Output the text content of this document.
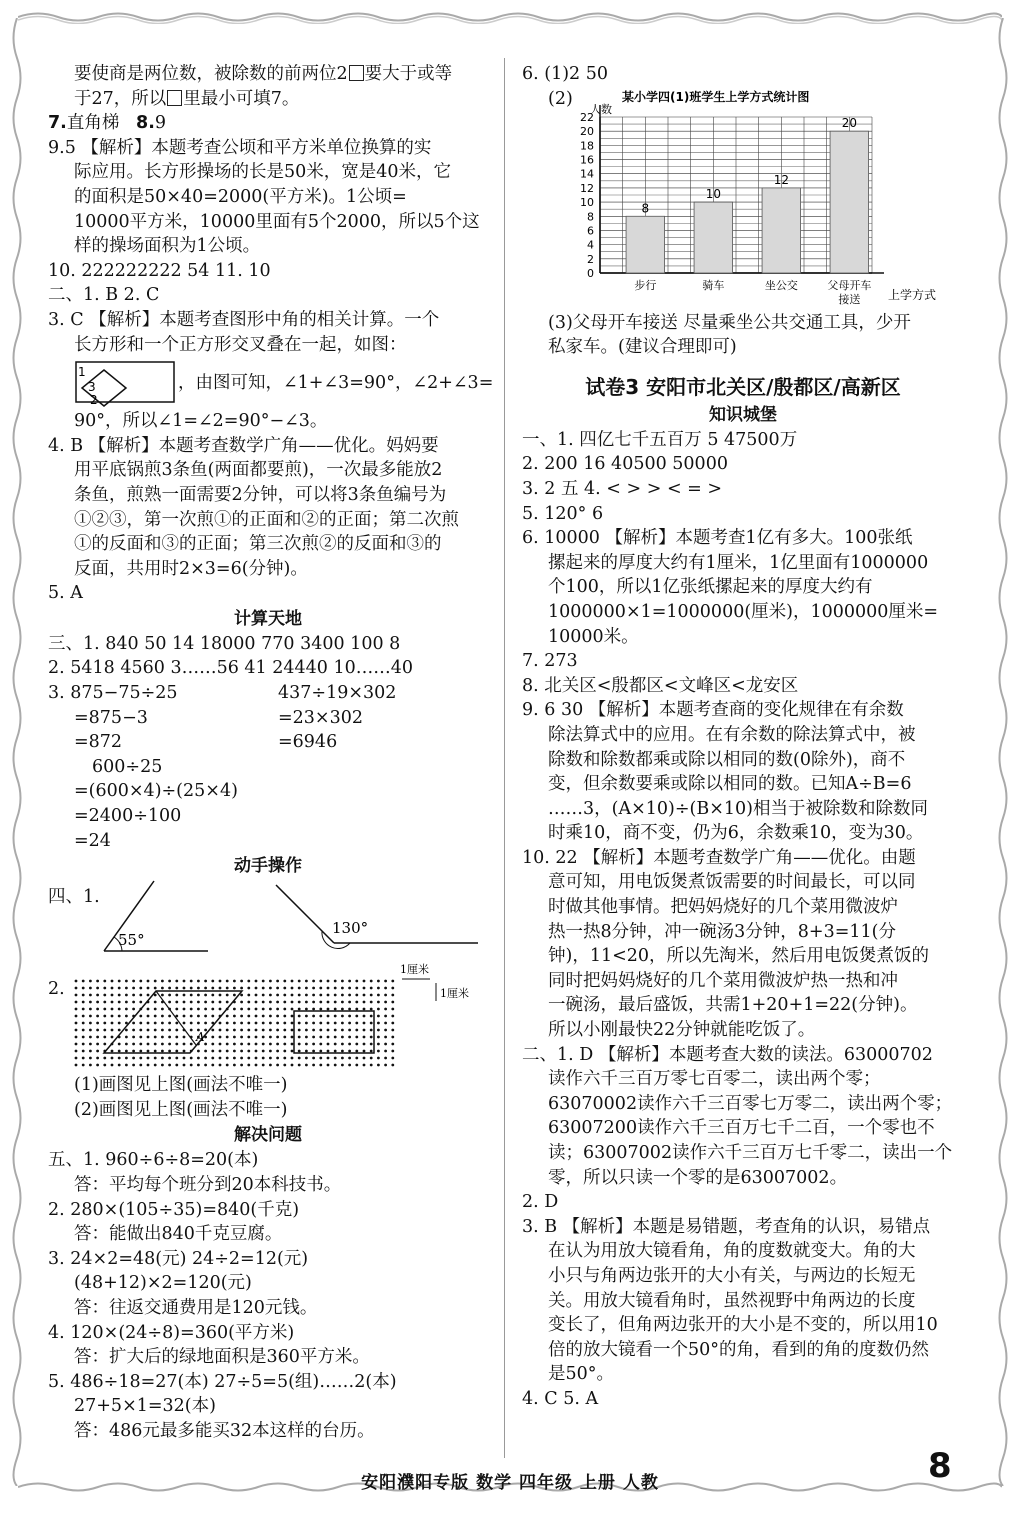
要使商是两位数，被除数的前两位2 要大于或等
于27，所以 里最小可填7。
7.直角梯 8.9
9.5 【解析】本题考查公顷和平方米单位换算的实
际应用。长方形操场的长是50米，宽是40米，它
的面积是50×40=2000(平方米)。1公顷=
10000平方米，10000里面有5个2000，所以5个这
样的操场面积为1公顷。
10. 222222222 54 11. 10
二、1. B 2. C
3. C 【解析】本题考查图形中角的相关计算。一个
长方形和一个正方形交叉叠在一起，如图：
1
3
2
，由图可知，∠1+∠3=90°，∠2+∠3=
90°，所以∠1=∠2=90°−∠3。
4. B 【解析】本题考查数学广角——优化。妈妈要
用平底锅煎3条鱼(两面都要煎)，一次最多能放2
条鱼，煎熟一面需要2分钟，可以将3条鱼编号为
①②③，第一次煎①的正面和②的正面；第二次煎
①的反面和③的正面；第三次煎②的反面和③的
反面，共用时2×3=6(分钟)。
5. A
计算天地
三、1. 840 50 14 18000 770 3400 100 8
2. 5418 4560 3……56 41 24440 10……40
3. 875−75÷25
=875−3
=872
437÷19×302
=23×302
=6946
600÷25
=(600×4)÷(25×4)
=2400÷100
=24
动手操作
四、1.
55°
130°
2.
1厘米
1厘米
A
(1)画图见上图(画法不唯一)
(2)画图见上图(画法不唯一)
解决问题
五、1. 960÷6÷8=20(本)
答：平均每个班分到20本科技书。
2. 280×(105÷35)=840(千克)
答：能做出840千克豆腐。
3. 24×2=48(元) 24÷2=12(元)
(48+12)×2=120(元)
答：往返交通费用是120元钱。
4. 120×(24÷8)=360(平方米)
答：扩大后的绿地面积是360平方米。
5. 486÷18=27(本) 27÷5=5(组)……2(本)
27+5×1=32(本)
答：486元最多能买32本这样的台历。
6. (1)2 50
(2)	某小学四(1)班学生上学方式统计图
人数
上学方式
0
2
4
6
8
10
12
14
16
18
20
22
8
步行
10
骑车
12
坐公交
20
父母开车
接送
(3)父母开车接送 尽量乘坐公共交通工具，少开
私家车。(建议合理即可)
试卷3 安阳市北关区/殷都区/高新区
知识城堡
一、1. 四亿七千五百万 5 47500万
2. 200 16 40500 50000
3. 2 五 4. < > > < = >
5. 120° 6
6. 10000 【解析】本题考查1亿有多大。100张纸
摞起来的厚度大约有1厘米，1亿里面有1000000
个100，所以1亿张纸摞起来的厚度大约有
1000000×1=1000000(厘米)，1000000厘米=
10000米。
7. 273
8. 北关区<殷都区<文峰区<龙安区
9. 6 30 【解析】本题考查商的变化规律在有余数
除法算式中的应用。在有余数的除法算式中，被
除数和除数都乘或除以相同的数(0除外)，商不
变，但余数要乘或除以相同的数。已知A÷B=6
……3，(A×10)÷(B×10)相当于被除数和除数同
时乘10，商不变，仍为6，余数乘10，变为30。
10. 22 【解析】本题考查数学广角——优化。由题
意可知，用电饭煲煮饭需要的时间最长，可以同
时做其他事情。把妈妈烧好的几个菜用微波炉
热一热8分钟，冲一碗汤3分钟，8+3=11(分
钟)，11<20，所以先淘米，然后用电饭煲煮饭的
同时把妈妈烧好的几个菜用微波炉热一热和冲
一碗汤，最后盛饭，共需1+20+1=22(分钟)。
所以小刚最快22分钟就能吃饭了。
二、1. D 【解析】本题考查大数的读法。63000702
读作六千三百万零七百零二，读出两个零；
63070002读作六千三百零七万零二，读出两个零；
63007200读作六千三百万七千二百，一个零也不
读；63007002读作六千三百万七千零二，读出一个
零，所以只读一个零的是63007002。
2. D
3. B 【解析】本题是易错题，考查角的认识，易错点
在认为用放大镜看角，角的度数就变大。角的大
小只与角两边张开的大小有关，与两边的长短无
关。用放大镜看角时，虽然视野中角两边的长度
变长了，但角两边张开的大小是不变的，所以用10
倍的放大镜看一个50°的角，看到的角的度数仍然
是50°。
4. C 5. A
安阳濮阳专版 数学 四年级 上册 人教	8
